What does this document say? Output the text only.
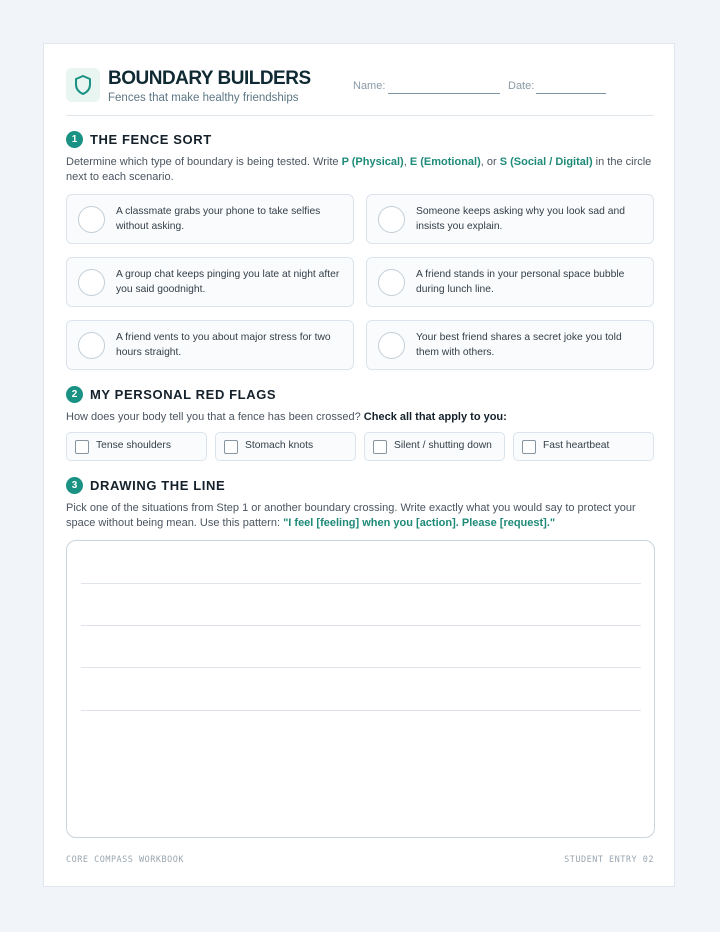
BOUNDARY BUILDERS
Fences that make healthy friendships
Name:	Date:
1 THE FENCE SORT
Determine which type of boundary is being tested. Write P (Physical), E (Emotional), or S (Social / Digital) in the circle next to each scenario.
A classmate grabs your phone to take selfies without asking.
Someone keeps asking why you look sad and insists you explain.
A group chat keeps pinging you late at night after you said goodnight.
A friend stands in your personal space bubble during lunch line.
A friend vents to you about major stress for two hours straight.
Your best friend shares a secret joke you told them with others.
2 MY PERSONAL RED FLAGS
How does your body tell you that a fence has been crossed? Check all that apply to you:
Tense shoulders	Stomach knots	Silent / shutting down	Fast heartbeat
3 DRAWING THE LINE
Pick one of the situations from Step 1 or another boundary crossing. Write exactly what you would say to protect your space without being mean. Use this pattern: "I feel [feeling] when you [action]. Please [request]."
CORE COMPASS WORKBOOK	STUDENT ENTRY 02
